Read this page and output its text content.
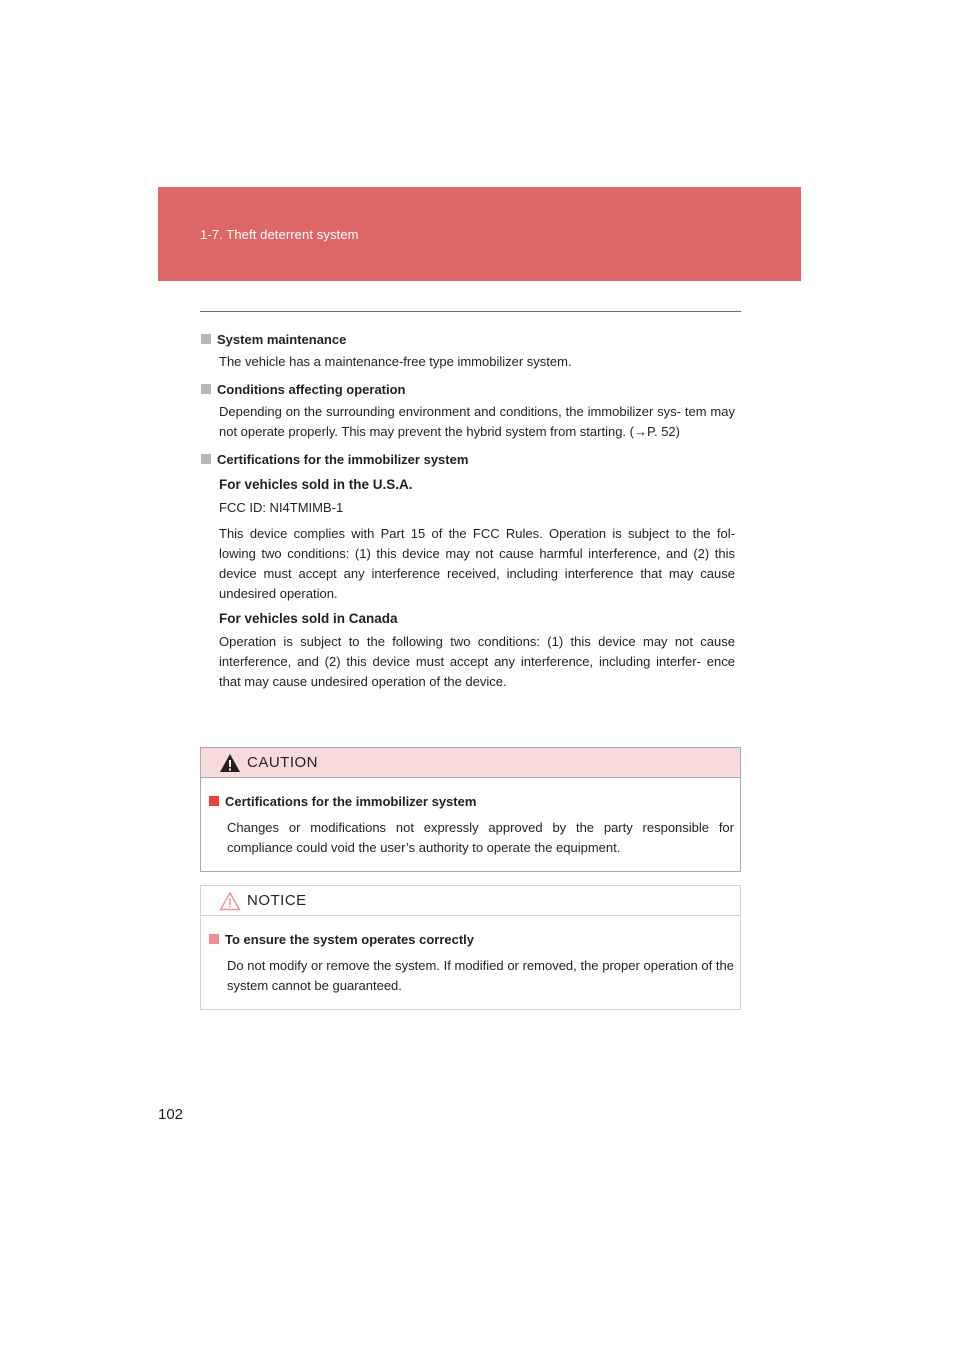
1-7. Theft deterrent system
System maintenance

The vehicle has a maintenance-free type immobilizer system.

Conditions affecting operation

Depending on the surrounding environment and conditions, the immobilizer sys- tem may not operate properly. This may prevent the hybrid system from starting. (→P. 52)

Certifications for the immobilizer system
For vehicles sold in the U.S.A.

FCC ID: NI4TMIMB-1

This device complies with Part 15 of the FCC Rules. Operation is subject to the fol- lowing two conditions: (1) this device may not cause harmful interference, and (2) this device must accept any interference received, including interference that may cause undesired operation.

For vehicles sold in Canada

Operation is subject to the following two conditions: (1) this device may not cause interference, and (2) this device must accept any interference, including interfer- ence that may cause undesired operation of the device.

CAUTION
Certifications for the immobilizer system

Changes or modifications not expressly approved by the party responsible for compliance could void the user’s authority to operate the equipment.

NOTICE
To ensure the system operates correctly

Do not modify or remove the system. If modified or removed, the proper operation of the system cannot be guaranteed.

102
